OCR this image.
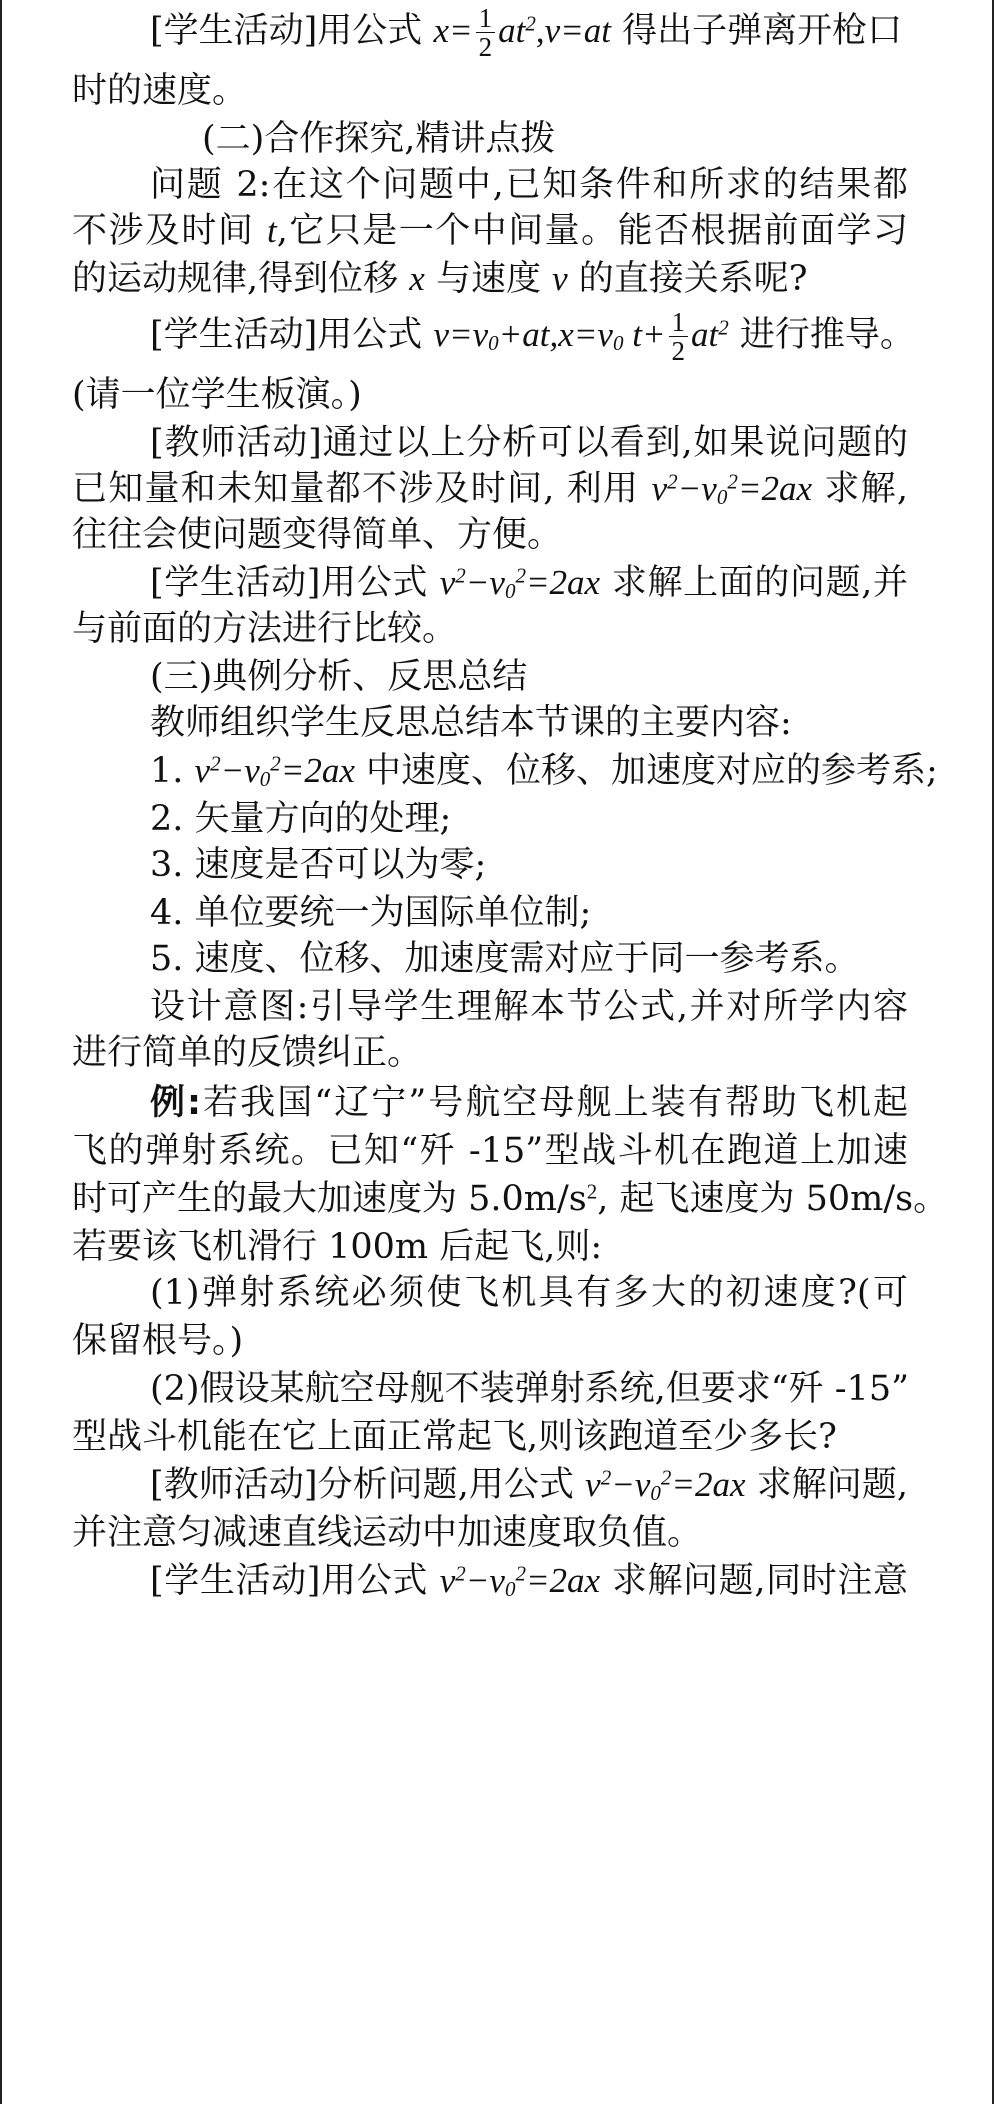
[学生活动]用公式 $x= \frac{1}{2} at^2,v=at$ 得出子弹离开枪口
时的速度。
(二)合作探究,精讲点拨
问题 2:在这个问题中,已知条件和所求的结果都
不涉及时间 t,它只是一个中间量。能否根据前面学习
的运动规律,得到位移 x 与速度 v 的直接关系呢?
[学生活动]用公式 $v=v_0+at,x=v_0$ $t+ \frac{1}{2} at^2$ 进行推导。
(请一位学生板演。)
[教师活动]通过以上分析可以看到,如果说问题的
已知量和未知量都不涉及时间, 利用 $v^2-v_0^2=2ax$ 求解,
往往会使问题变得简单、方便。
[学生活动]用公式 $v^2-v_0^2=2ax$ 求解上面的问题,并
与前面的方法进行比较。
(三)典例分析、反思总结
教师组织学生反思总结本节课的主要内容:
1. $v^2-v_0^2=2ax$ 中速度、位移、加速度对应的参考系;
2. 矢量方向的处理;
3. 速度是否可以为零;
4. 单位要统一为国际单位制;
5. 速度、位移、加速度需对应于同一参考系。
设计意图:引导学生理解本节公式,并对所学内容
进行简单的反馈纠正。
例:若我国“辽宁”号航空母舰上装有帮助飞机起
飞的弹射系统。已知“歼 -15”型战斗机在跑道上加速
时可产生的最大加速度为 $5.0m/s^2$, 起飞速度为 50m/s。
若要该飞机滑行 100m 后起飞,则:
(1)弹射系统必须使飞机具有多大的初速度?(可
保留根号。)
(2)假设某航空母舰不装弹射系统,但要求“歼 -15”
型战斗机能在它上面正常起飞,则该跑道至少多长?
[教师活动]分析问题,用公式 $v^2-v_0^2=2ax$ 求解问题,
并注意匀减速直线运动中加速度取负值。
[学生活动]用公式 $v^2-v_0^2=2ax$ 求解问题,同时注意
